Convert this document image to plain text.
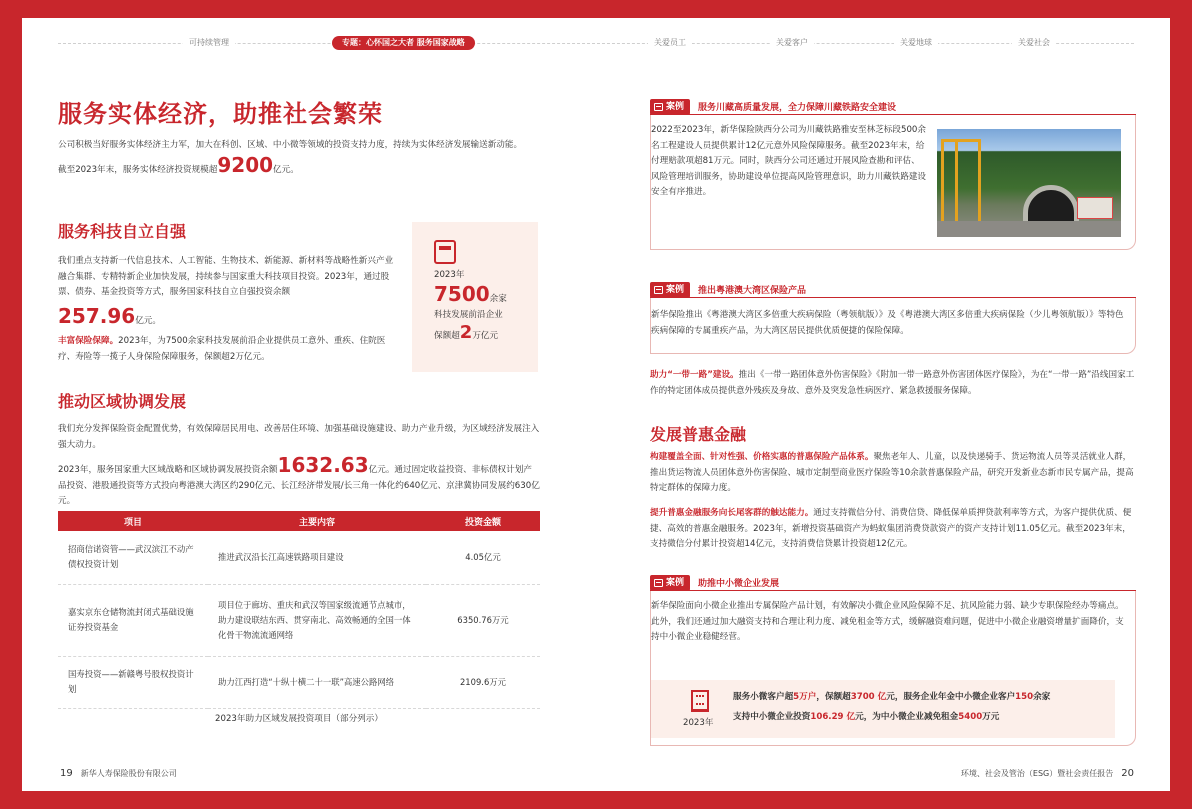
可持续管理	专题：心怀国之大者 服务国家战略	关爱员工	关爱客户	关爱地球	关爱社会
服务实体经济，助推社会繁荣
公司积极当好服务实体经济主力军，加大在科创、区域、中小微等领域的投资支持力度，持续为实体经济发展输送新动能。
截至2023年末，服务实体经济投资规模超9200亿元。
服务科技自立自强
我们重点支持新一代信息技术、人工智能、生物技术、新能源、新材料等战略性新兴产业融合集群、专精特新企业加快发展，持续参与国家重大科技项目投资。2023年，通过股票、债券、基金投资等方式，服务国家科技自立自强投资余额
257.96亿元。
丰富保险保障。2023年，为7500余家科技发展前沿企业提供员工意外、重疾、住院医疗、寿险等一揽子人身保险保障服务，保额超2万亿元。
2023年
7500余家
科技发展前沿企业
保额超2万亿元
推动区域协调发展
我们充分发挥保险资金配置优势，有效保障居民用电、改善居住环境、加强基础设施建设、助力产业升级，为区域经济发展注入强大动力。
2023年，服务国家重大区域战略和区域协调发展投资余额1632.63亿元。通过固定收益投资、非标债权计划产品投资、港股通投资等方式投向粤港澳大湾区约290亿元、长江经济带发展/长三角一体化约640亿元、京津冀协同发展约630亿元。
项目	主要内容	投资金额
招商信诺资管——武汉滨江不动产债权投资计划	推进武汉沿长江高速铁路项目建设	4.05亿元
嘉实京东仓储物流封闭式基础设施证券投资基金	项目位于廊坊、重庆和武汉等国家级流通节点城市，助力建设联结东西、贯穿南北、高效畅通的全国一体化骨干物流流通网络	6350.76万元
国寿投资——新赣粤号股权投资计划	助力江西打造“十纵十横二十一联”高速公路网络	2109.6万元
2023年助力区域发展投资项目（部分列示）
19 新华人寿保险股份有限公司
案例 服务川藏高质量发展，全力保障川藏铁路安全建设
2022至2023年，新华保险陕西分公司为川藏铁路雅安至林芝标段500余名工程建设人员提供累计12亿元意外风险保障服务。截至2023年末，给付理赔款项超81万元。同时，陕西分公司还通过开展风险查勘和评估、风险管理培训服务，协助建设单位提高风险管理意识，助力川藏铁路建设安全有序推进。
案例 推出粤港澳大湾区保险产品
新华保险推出《粤港澳大湾区多倍重大疾病保险（粤领航版）》及《粤港澳大湾区多倍重大疾病保险（少儿粤领航版）》等特色疾病保障的专属重疾产品，为大湾区居民提供优质便捷的保险保障。
助力“一带一路”建设。推出《一带一路团体意外伤害保险》《附加一带一路意外伤害团体医疗保险》，为在“一带一路”沿线国家工作的特定团体成员提供意外残疾及身故、意外及突发急性病医疗、紧急救援服务保障。
发展普惠金融
构建覆盖全面、针对性强、价格实惠的普惠保险产品体系。聚焦老年人、儿童，以及快递骑手、货运物流人员等灵活就业人群，推出货运物流人员团体意外伤害保险、城市定制型商业医疗保险等10余款普惠保险产品，研究开发新业态新市民专属产品，提高特定群体的保障力度。
提升普惠金融服务向长尾客群的触达能力。通过支持微信分付、消费信贷、降低保单质押贷款利率等方式，为客户提供优质、便捷、高效的普惠金融服务。2023年，新增投资基础资产为蚂蚁集团消费贷款资产的资产支持计划11.05亿元。截至2023年末，支持微信分付累计投资超14亿元，支持消费信贷累计投资超12亿元。
案例 助推中小微企业发展
新华保险面向小微企业推出专属保险产品计划，有效解决小微企业风险保障不足、抗风险能力弱、缺少专职保险经办等痛点。此外，我们还通过加大融资支持和合理让利力度、减免租金等方式，缓解融资难问题，促进中小微企业融资增量扩面降价，支持中小微企业稳健经营。
2023年
服务小微客户超5万户，保额超3700 亿元，服务企业年金中小微企业客户150余家
支持中小微企业投资106.29 亿元，为中小微企业减免租金5400万元
环境、社会及管治（ESG）暨社会责任报告 20
